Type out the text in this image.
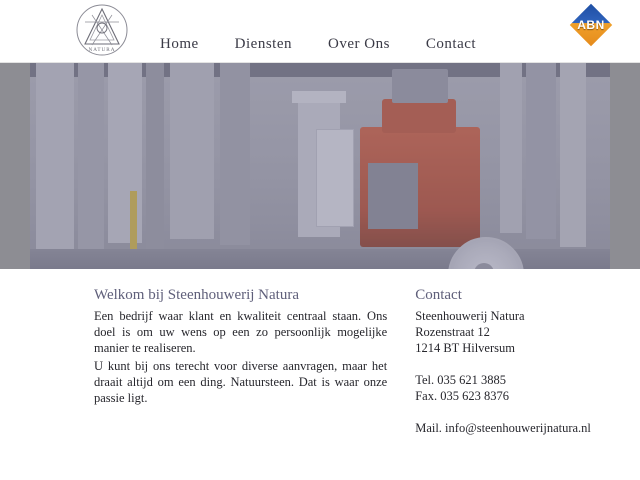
NATURA	Home Diensten Over Ons Contact
ABN
Welkom bij Steenhouwerij Natura

Een bedrijf waar klant en kwaliteit centraal staan. Ons doel is om uw wens op een zo persoonlijk mogelijke manier te realiseren.

U kunt bij ons terecht voor diverse aanvragen, maar het draait altijd om een ding. Natuursteen. Dat is waar onze passie ligt.

Contact
Steenhouwerij Natura
Rozenstraat 12
1214 BT Hilversum
Tel. 035 621 3885
Fax. 035 623 8376
Mail. info@steenhouwerijnatura.nl
